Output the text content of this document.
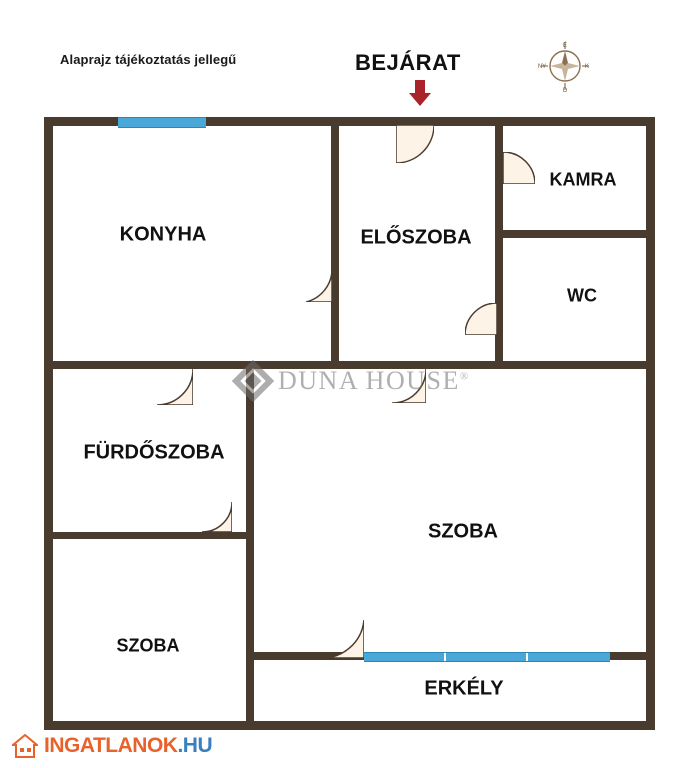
Alaprajz tájékoztatás jellegű	BEJÁRAT
É
D
K
NY
KONYHA	ELŐSZOBA
KAMRA
WC
FÜRDŐSZOBA
SZOBA
SZOBA
ERKÉLY
DUNA HOUSE®
INGATLANOK.HU
